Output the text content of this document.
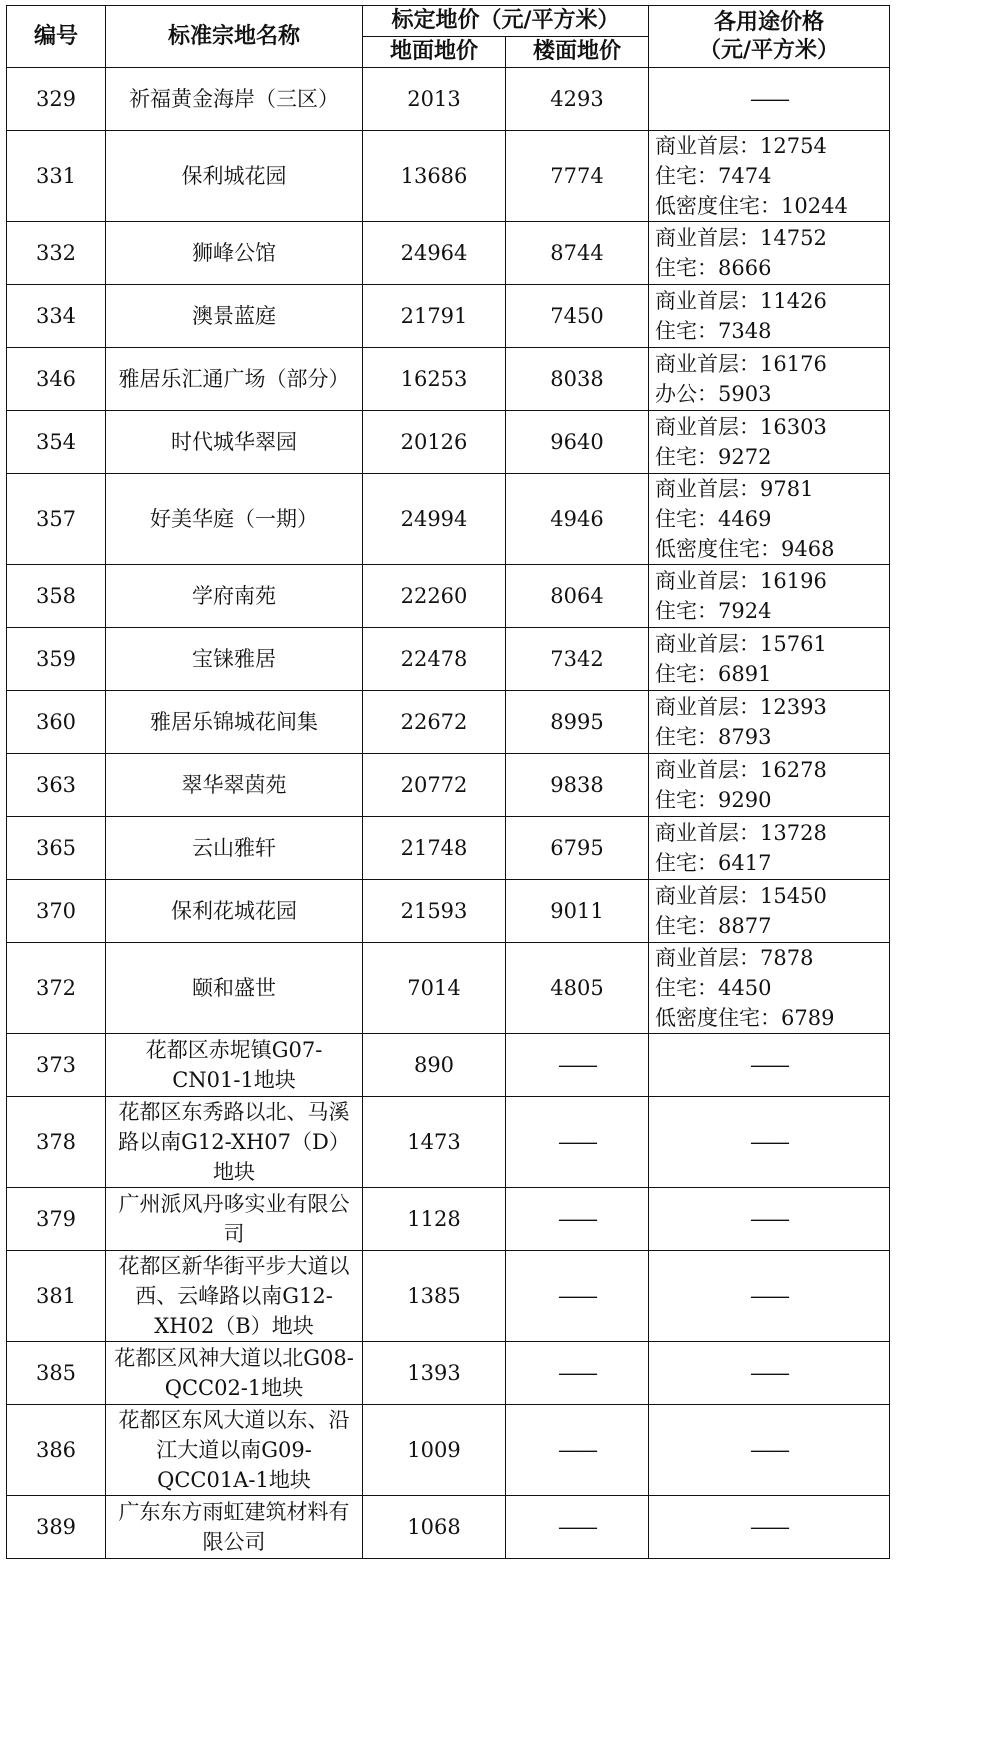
编号	标准宗地名称	标定地价（元/平方米）		各用途价格
（元/平方米）

		地面地价	楼面地价	
329	祈福黄金海岸（三区）	2013	4293	——
331	保利城花园	13686	7774	商业首层：12754
住宅：7474
低密度住宅：10244

332	狮峰公馆	24964	8744	商业首层：14752
住宅：8666

334	澳景蓝庭	21791	7450	商业首层：11426
住宅：7348

346	雅居乐汇通广场（部分）	16253	8038	商业首层：16176
办公：5903

354	时代城华翠园	20126	9640	商业首层：16303
住宅：9272

357	好美华庭（一期）	24994	4946	商业首层：9781
住宅：4469
低密度住宅：9468

358	学府南苑	22260	8064	商业首层：16196
住宅：7924

359	宝铼雅居	22478	7342	商业首层：15761
住宅：6891

360	雅居乐锦城花间集	22672	8995	商业首层：12393
住宅：8793

363	翠华翠茵苑	20772	9838	商业首层：16278
住宅：9290

365	云山雅轩	21748	6795	商业首层：13728
住宅：6417

370	保利花城花园	21593	9011	商业首层：15450
住宅：8877

372	颐和盛世	7014	4805	商业首层：7878
住宅：4450
低密度住宅：6789

373	花都区赤坭镇G07-CN01-1地块	890	——	——
378	花都区东秀路以北、马溪路以南G12-XH07（D）地块	1473	——	——
379	广州派风丹哆实业有限公司	1128	——	——
381	花都区新华街平步大道以西、云峰路以南G12-XH02（B）地块	1385	——	——
385	花都区风神大道以北G08-QCC02-1地块	1393	——	——
386	花都区东风大道以东、沿江大道以南G09-QCC01A-1地块	1009	——	——
389	广东东方雨虹建筑材料有限公司	1068	——	——
